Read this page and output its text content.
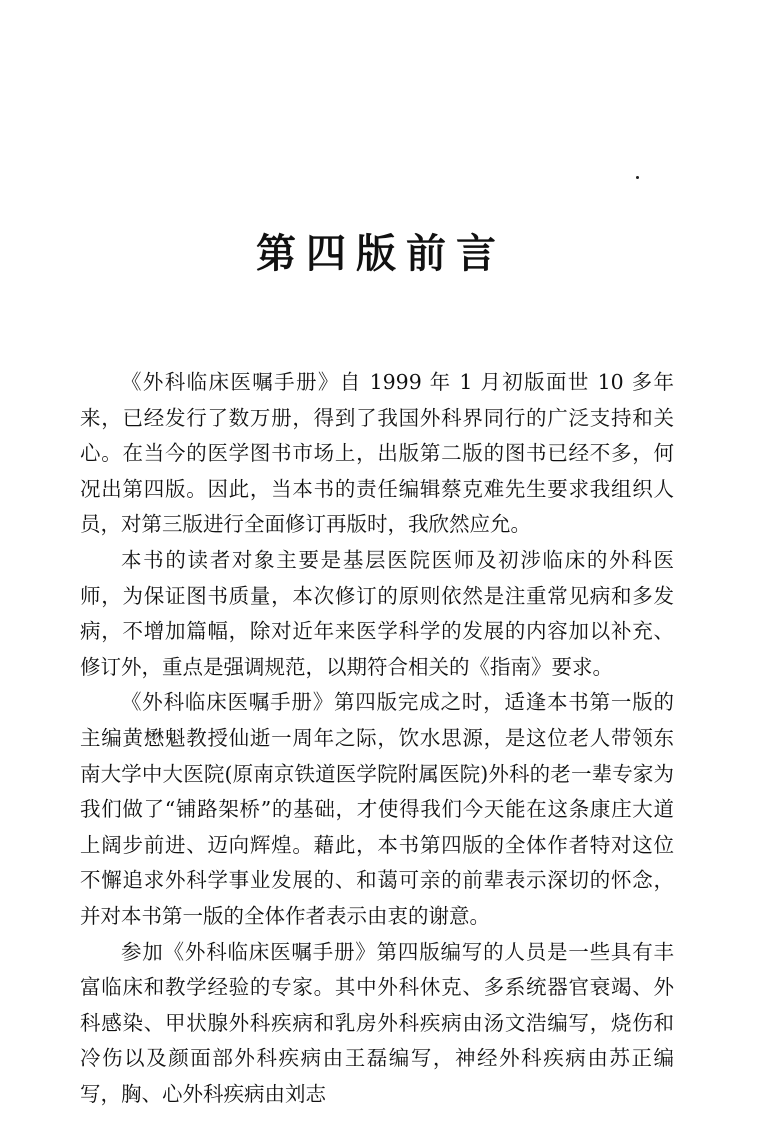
第四版前言

《外科临床医嘱手册》自 1999 年 1 月初版面世 10 多年来，已经发行了数万册，得到了我国外科界同行的广泛支持和关心。在当今的医学图书市场上，出版第二版的图书已经不多，何况出第四版。因此，当本书的责任编辑蔡克难先生要求我组织人员，对第三版进行全面修订再版时，我欣然应允。

本书的读者对象主要是基层医院医师及初涉临床的外科医师，为保证图书质量，本次修订的原则依然是注重常见病和多发病，不增加篇幅，除对近年来医学科学的发展的内容加以补充、修订外，重点是强调规范，以期符合相关的《指南》要求。

《外科临床医嘱手册》第四版完成之时，适逢本书第一版的主编黄懋魁教授仙逝一周年之际，饮水思源，是这位老人带领东南大学中大医院(原南京铁道医学院附属医院)外科的老一辈专家为我们做了“铺路架桥”的基础，才使得我们今天能在这条康庄大道上阔步前进、迈向辉煌。藉此，本书第四版的全体作者特对这位不懈追求外科学事业发展的、和蔼可亲的前辈表示深切的怀念，并对本书第一版的全体作者表示由衷的谢意。

参加《外科临床医嘱手册》第四版编写的人员是一些具有丰富临床和教学经验的专家。其中外科休克、多系统器官衰竭、外科感染、甲状腺外科疾病和乳房外科疾病由汤文浩编写，烧伤和冷伤以及颜面部外科疾病由王磊编写，神经外科疾病由苏正编写，胸、心外科疾病由刘志
